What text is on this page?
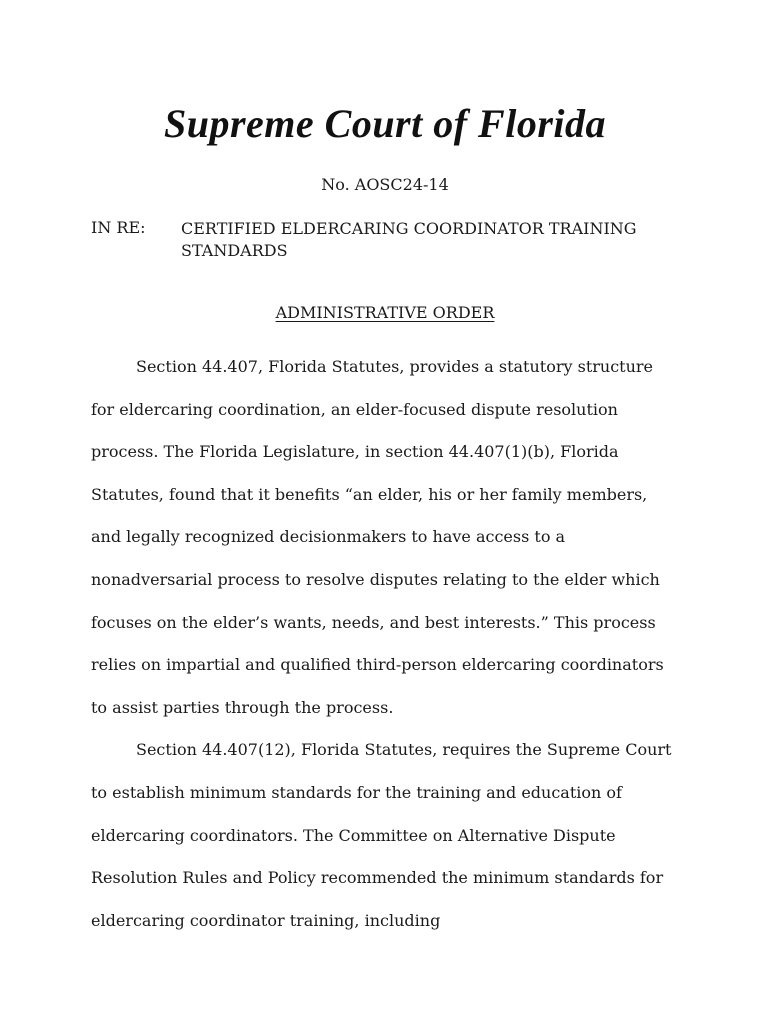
Supreme Court of Florida
No. AOSC24-14
IN RE: CERTIFIED ELDERCARING COORDINATOR TRAINING STANDARDS
ADMINISTRATIVE ORDER

Section 44.407, Florida Statutes, provides a statutory structure for eldercaring coordination, an elder-focused dispute resolution process. The Florida Legislature, in section 44.407(1)(b), Florida Statutes, found that it benefits “an elder, his or her family members, and legally recognized decisionmakers to have access to a nonadversarial process to resolve disputes relating to the elder which focuses on the elder’s wants, needs, and best interests.” This process relies on impartial and qualified third-person eldercaring coordinators to assist parties through the process.

Section 44.407(12), Florida Statutes, requires the Supreme Court to establish minimum standards for the training and education of eldercaring coordinators. The Committee on Alternative Dispute Resolution Rules and Policy recommended the minimum standards for eldercaring coordinator training, including
